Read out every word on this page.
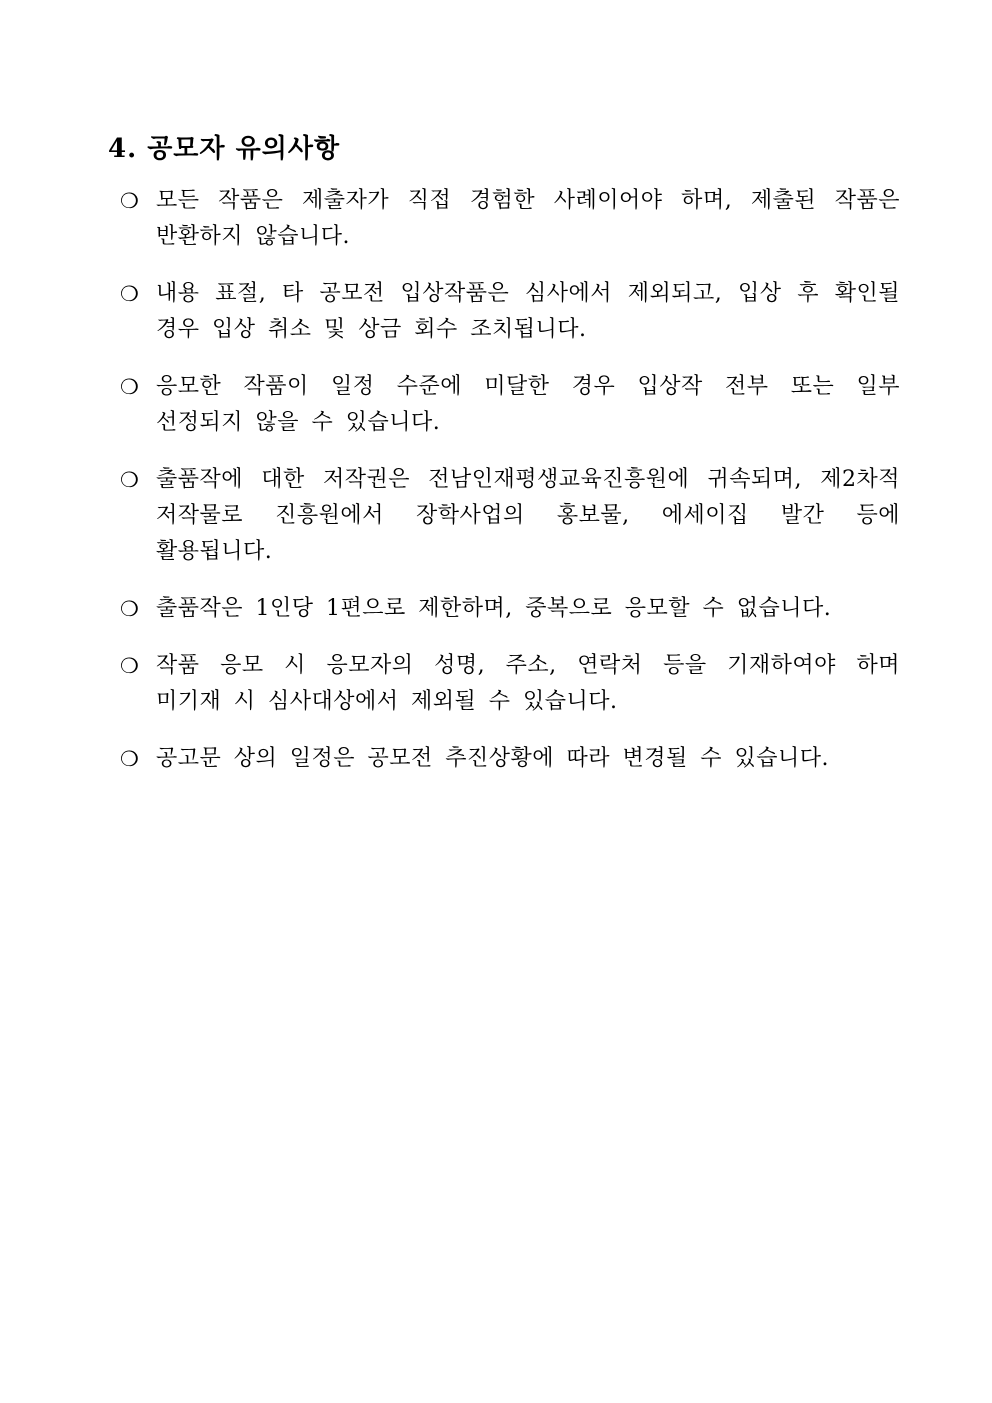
4. 공모자 유의사항
❍ 모든 작품은 제출자가 직접 경험한 사례이어야 하며, 제출된 작품은 반환하지 않습니다.
❍ 내용 표절, 타 공모전 입상작품은 심사에서 제외되고, 입상 후 확인될 경우 입상 취소 및 상금 회수 조치됩니다.
❍ 응모한 작품이 일정 수준에 미달한 경우 입상작 전부 또는 일부 선정되지 않을 수 있습니다.
❍ 출품작에 대한 저작권은 전남인재평생교육진흥원에 귀속되며, 제2차적 저작물로 진흥원에서 장학사업의 홍보물, 에세이집 발간 등에 활용됩니다.
❍ 출품작은 1인당 1편으로 제한하며, 중복으로 응모할 수 없습니다.
❍ 작품 응모 시 응모자의 성명, 주소, 연락처 등을 기재하여야 하며 미기재 시 심사대상에서 제외될 수 있습니다.
❍ 공고문 상의 일정은 공모전 추진상황에 따라 변경될 수 있습니다.
